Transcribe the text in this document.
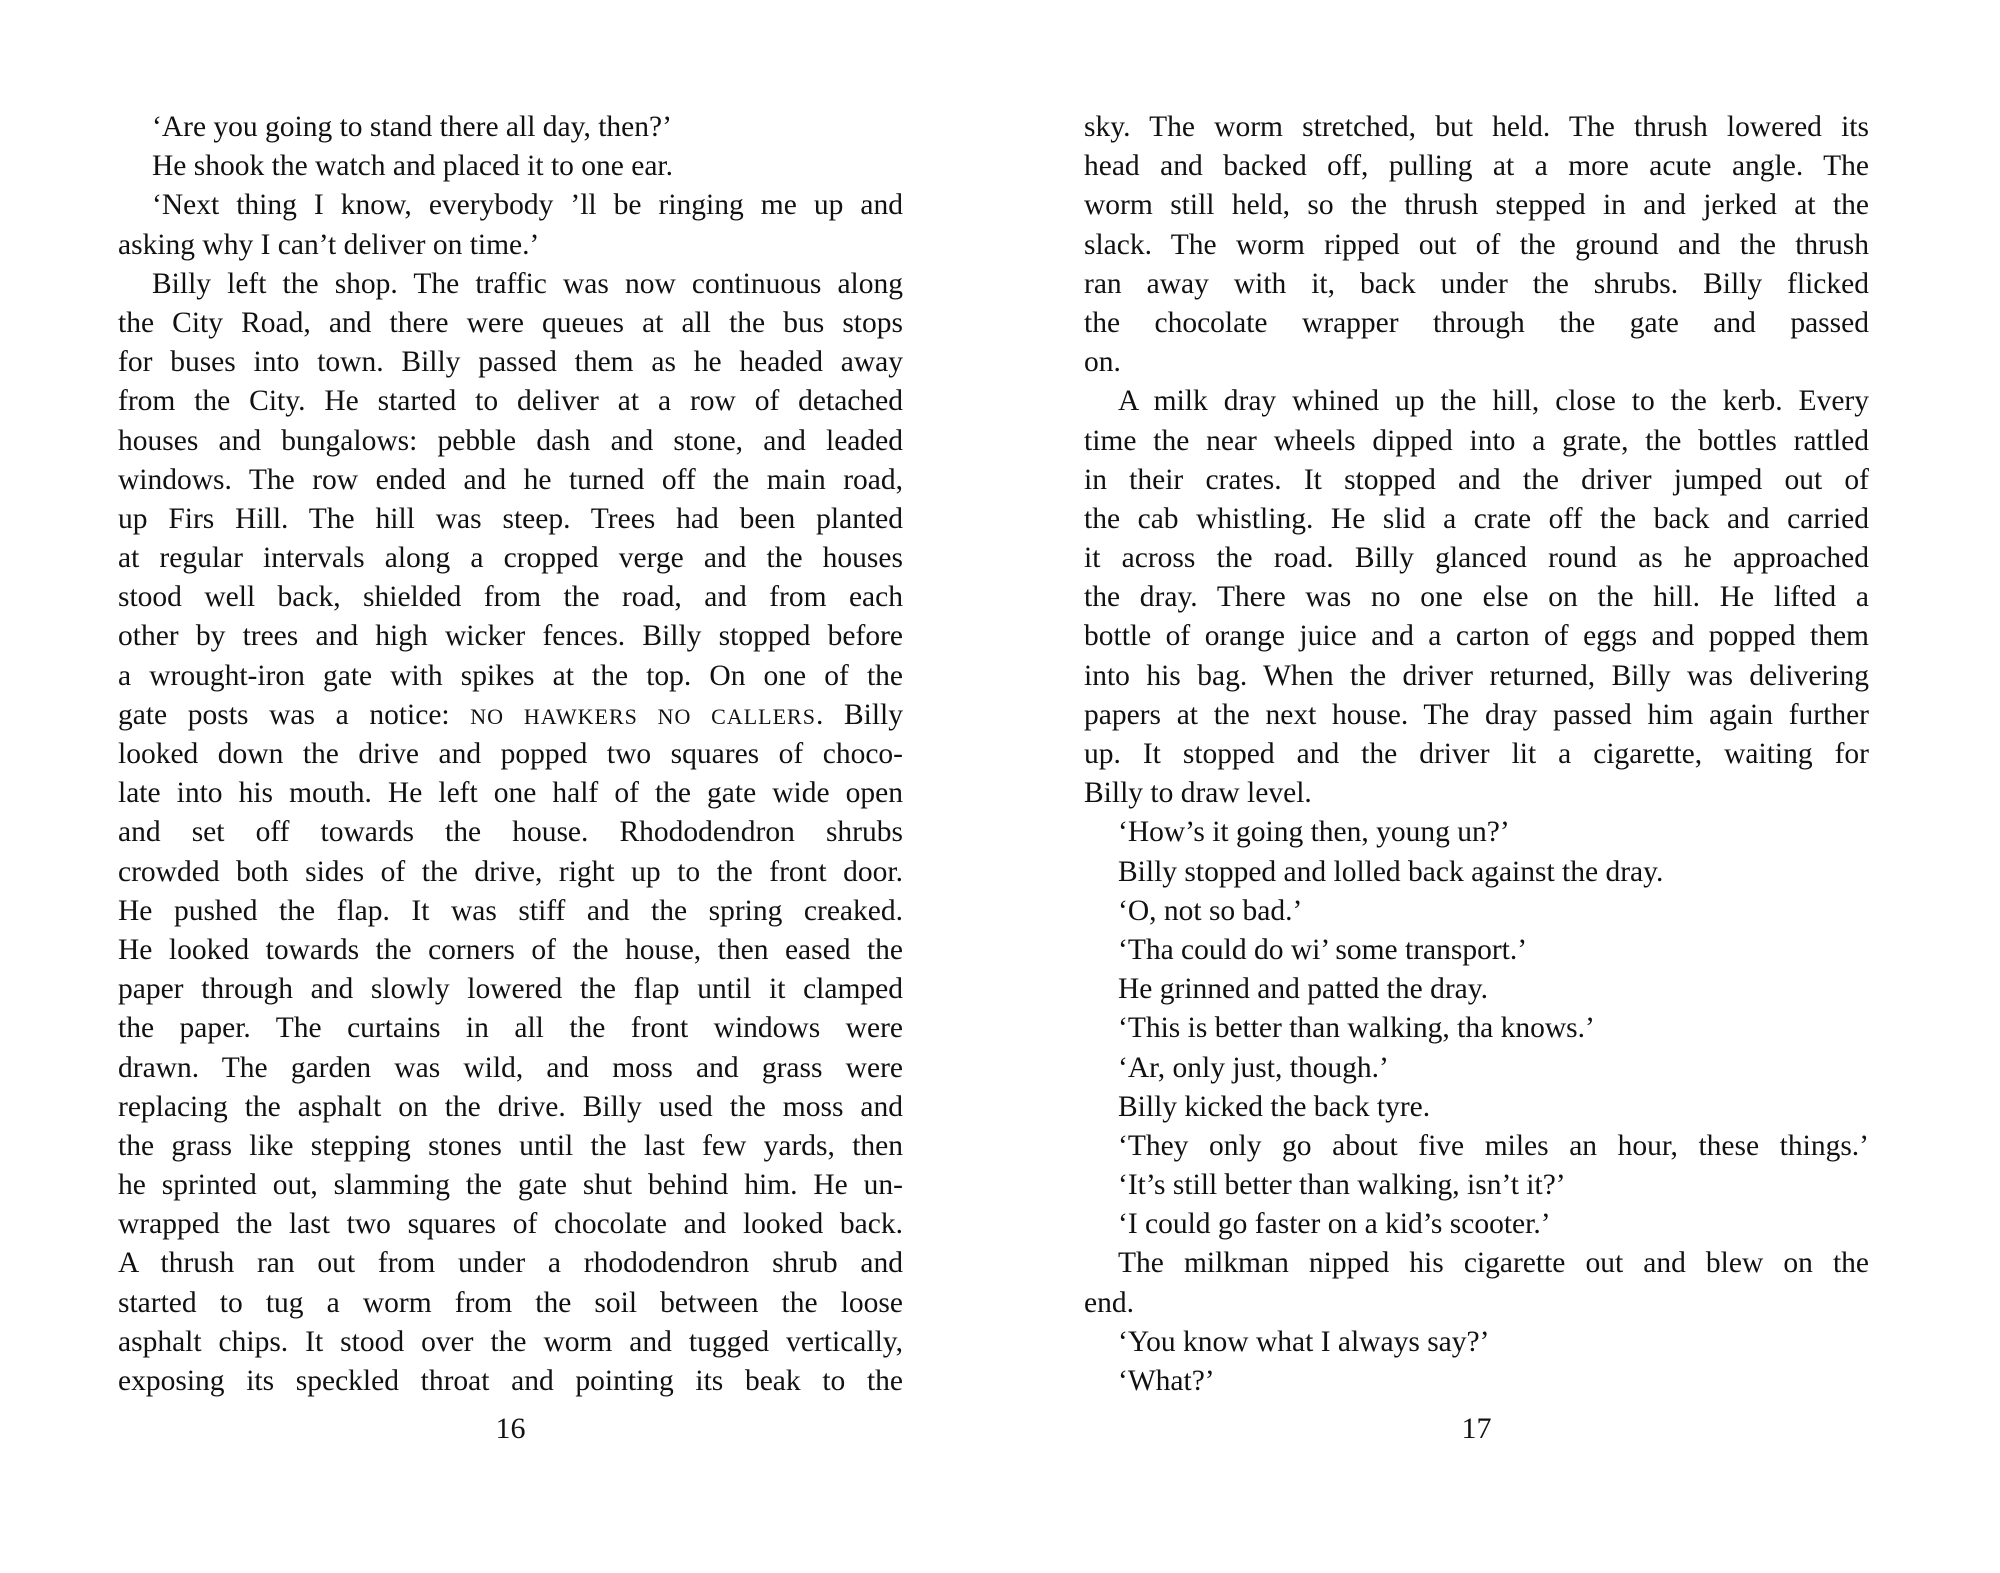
‘Are you going to stand there all day, then?’
He shook the watch and placed it to one ear.
‘Next thing I know, everybody ’ll be ringing me up and
asking why I can’t deliver on time.’
Billy left the shop. The traffic was now continuous along
the City Road, and there were queues at all the bus stops
for buses into town. Billy passed them as he headed away
from the City. He started to deliver at a row of detached
houses and bungalows: pebble dash and stone, and leaded
windows. The row ended and he turned off the main road,
up Firs Hill. The hill was steep. Trees had been planted
at regular intervals along a cropped verge and the houses
stood well back, shielded from the road, and from each
other by trees and high wicker fences. Billy stopped before
a wrought-iron gate with spikes at the top. On one of the
gate posts was a notice: NO HAWKERS NO CALLERS. Billy
looked down the drive and popped two squares of choco-
late into his mouth. He left one half of the gate wide open
and set off towards the house. Rhododendron shrubs
crowded both sides of the drive, right up to the front door.
He pushed the flap. It was stiff and the spring creaked.
He looked towards the corners of the house, then eased the
paper through and slowly lowered the flap until it clamped
the paper. The curtains in all the front windows were
drawn. The garden was wild, and moss and grass were
replacing the asphalt on the drive. Billy used the moss and
the grass like stepping stones until the last few yards, then
he sprinted out, slamming the gate shut behind him. He un-
wrapped the last two squares of chocolate and looked back.
A thrush ran out from under a rhododendron shrub and
started to tug a worm from the soil between the loose
asphalt chips. It stood over the worm and tugged vertically,
exposing its speckled throat and pointing its beak to the
16
sky. The worm stretched, but held. The thrush lowered its
head and backed off, pulling at a more acute angle. The
worm still held, so the thrush stepped in and jerked at the
slack. The worm ripped out of the ground and the thrush
ran away with it, back under the shrubs. Billy flicked
the chocolate wrapper through the gate and passed
on.
A milk dray whined up the hill, close to the kerb. Every
time the near wheels dipped into a grate, the bottles rattled
in their crates. It stopped and the driver jumped out of
the cab whistling. He slid a crate off the back and carried
it across the road. Billy glanced round as he approached
the dray. There was no one else on the hill. He lifted a
bottle of orange juice and a carton of eggs and popped them
into his bag. When the driver returned, Billy was delivering
papers at the next house. The dray passed him again further
up. It stopped and the driver lit a cigarette, waiting for
Billy to draw level.
‘How’s it going then, young un?’
Billy stopped and lolled back against the dray.
‘O, not so bad.’
‘Tha could do wi’ some transport.’
He grinned and patted the dray.
‘This is better than walking, tha knows.’
‘Ar, only just, though.’
Billy kicked the back tyre.
‘They only go about five miles an hour, these things.’
‘It’s still better than walking, isn’t it?’
‘I could go faster on a kid’s scooter.’
The milkman nipped his cigarette out and blew on the
end.
‘You know what I always say?’
‘What?’
17
